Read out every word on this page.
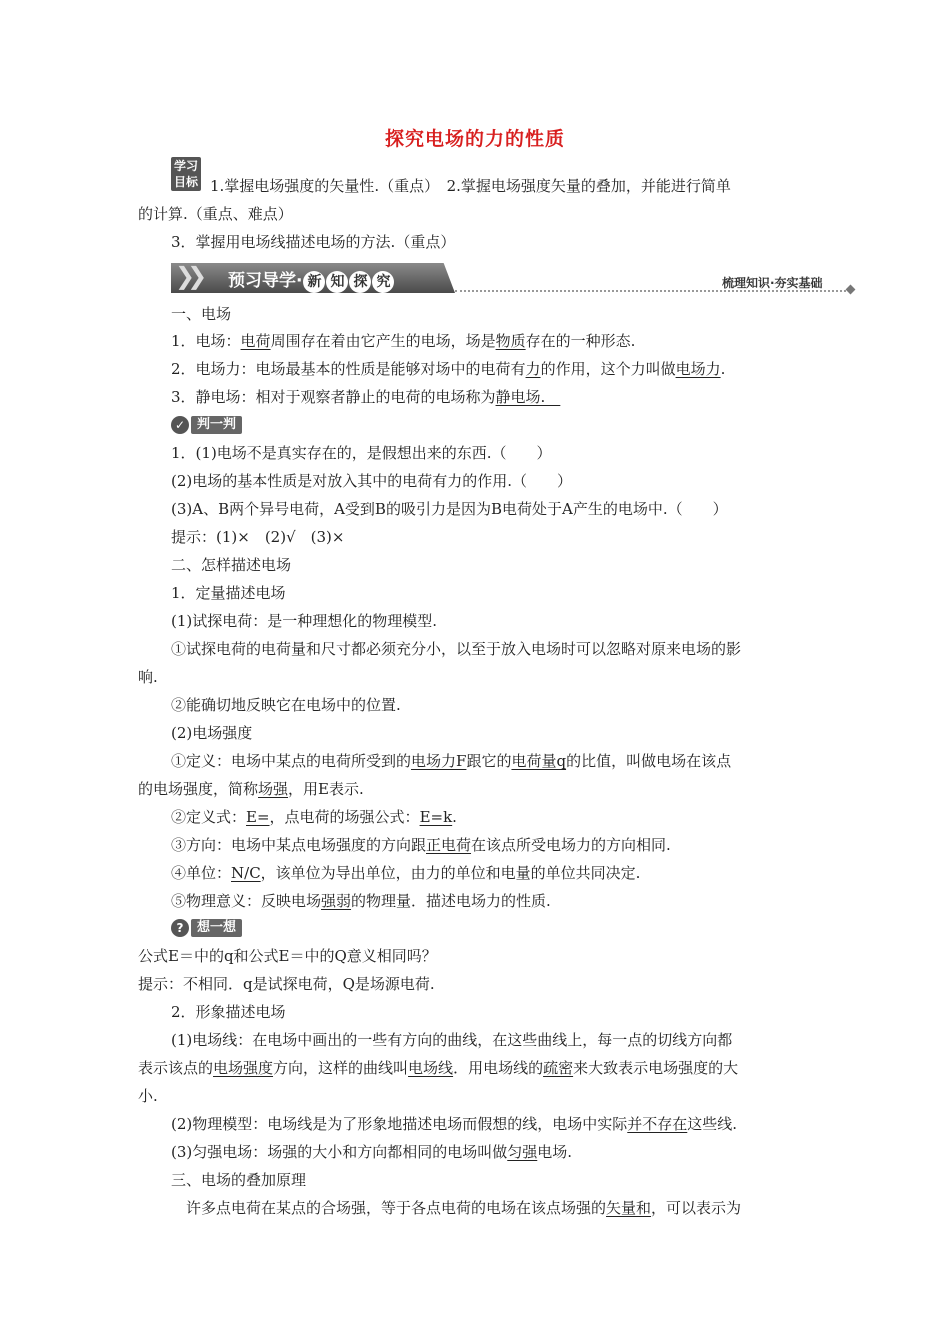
探究电场的力的性质
学习
目标 1.掌握电场强度的矢量性.（重点）　2.掌握电场强度矢量的叠加，并能进行简单
的计算.（重点、难点）
3．掌握用电场线描述电场的方法.（重点）
❯❯ 预习导学· 新 知 探 究	梳理知识·夯实基础
一、电场
1．电场：电荷周围存在着由它产生的电场，场是物质存在的一种形态.
2．电场力：电场最基本的性质是能够对场中的电荷有力的作用，这个力叫做电场力.
3．静电场：相对于观察者静止的电荷的电场称为静电场.　
✓ 判一判
1．(1)电场不是真实存在的，是假想出来的东西.（　　）
(2)电场的基本性质是对放入其中的电荷有力的作用.（　　）
(3)A、B两个异号电荷，A受到B的吸引力是因为B电荷处于A产生的电场中.（　　）
提示：(1)×　(2)√　(3)×
二、怎样描述电场
1．定量描述电场
(1)试探电荷：是一种理想化的物理模型.
①试探电荷的电荷量和尺寸都必须充分小，以至于放入电场时可以忽略对原来电场的影
响.
②能确切地反映它在电场中的位置.
(2)电场强度
①定义：电场中某点的电荷所受到的电场力F跟它的电荷量q的比值，叫做电场在该点
的电场强度，简称场强，用E表示.
②定义式：E=，点电荷的场强公式：E=k.
③方向：电场中某点电场强度的方向跟正电荷在该点所受电场力的方向相同.
④单位：N/C，该单位为导出单位，由力的单位和电量的单位共同决定.
⑤物理意义：反映电场强弱的物理量．描述电场力的性质.
? 想一想
公式E＝中的q和公式E＝中的Q意义相同吗？
提示：不相同．q是试探电荷，Q是场源电荷.
2．形象描述电场
(1)电场线：在电场中画出的一些有方向的曲线，在这些曲线上，每一点的切线方向都
表示该点的电场强度方向，这样的曲线叫电场线．用电场线的疏密来大致表示电场强度的大
小.
(2)物理模型：电场线是为了形象地描述电场而假想的线，电场中实际并不存在这些线.
(3)匀强电场：场强的大小和方向都相同的电场叫做匀强电场.
三、电场的叠加原理
许多点电荷在某点的合场强，等于各点电荷的电场在该点场强的矢量和，可以表示为
